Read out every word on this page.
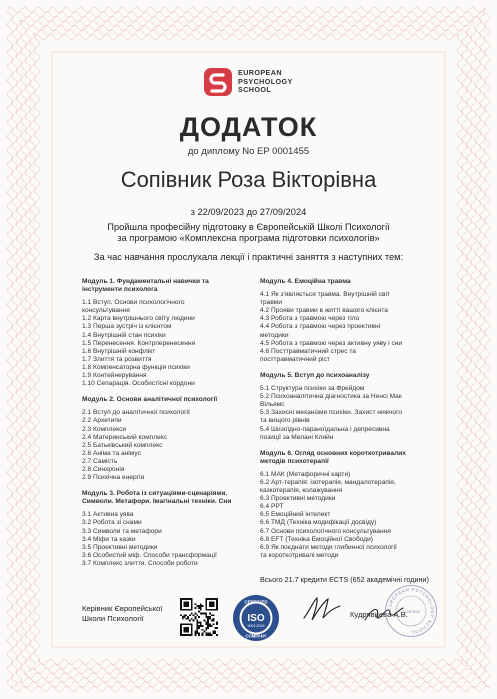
EUROPEAN
PSYCHOLOGY
SCHOOL
ДОДАТОК
до диплому No EP 0001455
Сопівник Роза Вікторівна
з 22/09/2023 до 27/09/2024
Пройшла професійну підготовку в Європейській Школі Психології
за програмою «Комплексна програма підготовки психологів»
За час навчання прослухала лекції і практичні заняття з наступних тем:
Модуль 1. Фундаментальні навички та
інструменти психолога
1.1 Вступ. Основи психологічного
консультування
1.2 Карта внутрішнього світу людини
1.3 Перша зустріч із клієнтом
1.4 Внутрішній стан психіки
1.5 Перенесення. Контрперенесення
1.6 Внутрішній конфлікт
1.7 Злиття та розвиття
1.8 Компенсаторна функція психіки
1.9 Контейнерування
1.10 Сепарація. Особистісні кордони
Модуль 2. Основи аналітичної психології
2.1 Вступ до аналітичної психології
2.2 Архетипи
2.3 Комплекси
2.4 Материнський комплекс
2.5 Батьківський комплекс
2.6 Аніма та анімус
2.7 Самість
2.8 Синхронія
2.9 Психічна енергія
Модуль 3. Робота із ситуаціями-сценаріями.
Символи. Метафори. Імагінальні техніки. Сни
3.1 Активна уява
3.2 Робота зі снами
3.3 Символи та метафори
3.4 Міфи та казки
3.5 Проективні методики
3.6 Особистий міф. Способи трансформації
3.7 Комплекс злиття. Способи роботи
Модуль 4. Емоційна травма
4.1 Як з'являється травма. Внутрішній світ
травми
4.2 Прояви травми в житті вашого клієнта
4.3 Робота з травмою через тіло
4.4 Робота з травмою через проективні
методики
4.5 Робота з травмою через активну уяву і сни
4.6 Посттравматичний стрес та
посттравматичний ріст
Модуль 5. Вступ до психоаналізу
5.1 Структура психіки за Фрейдом
5.2 Психоаналітична діагностика за Ненсі Мак
Вільямс
5.3 Захисні механізми психіки. Захист нижчого
та вищого рівнів
5.4 Шизоїдно-параноїдальна і депресивна
позиції за Мелані Кляйн
Модуль 6. Огляд основних короткотривалих
методів психотерапії
6.1 МАК (Метафоричні карти)
6.2 Арт-терапія: ізотерапія, мандалотерапія,
казкотерапія, колажування
6.3 Проективні методики
6.4 РРТ
6.5 Емоційний інтелект
6.6 ТМД (Техніка модифікації досвіду)
6.7 Основи психологічного консультування
6.8 ЕFТ (Техніка Емоційної Свободи)
6.9 Як поєднати методи глибинної психології
та короткотривалі методи
Всього 21.7 кредити ECTS (652 академічні години)
Керівник Європейської
Школи Психології
CERTIFIED
ISO
9001:2015
COMPANY
Кудрявцева А.В.
EUROPEAN PSYCHOLOGY SCHOOL
41287402
